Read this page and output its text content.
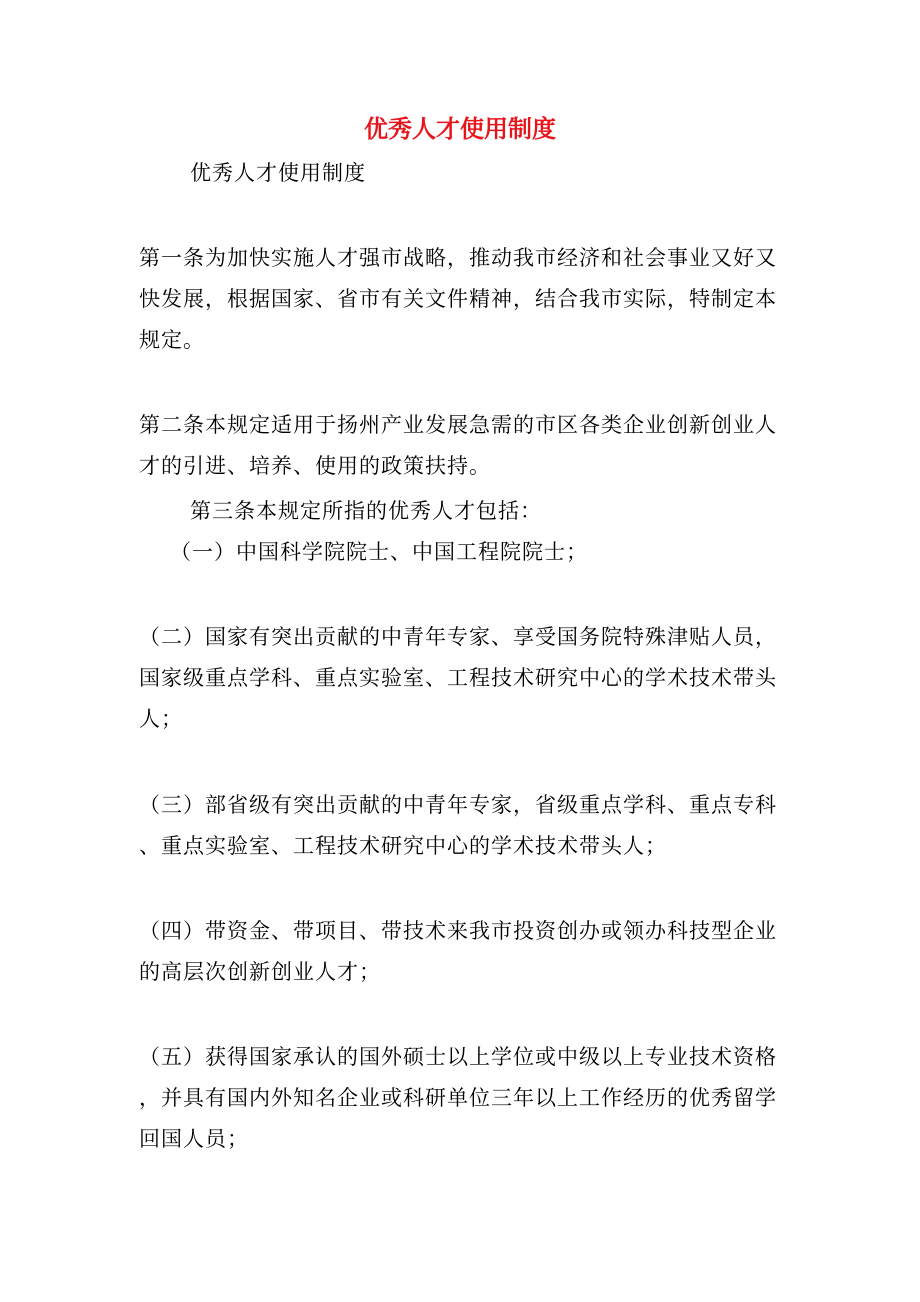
优秀人才使用制度
优秀人才使用制度
第一条为加快实施人才强市战略，推动我市经济和社会事业又好又
快发展，根据国家、省市有关文件精神，结合我市实际，特制定本
规定。
第二条本规定适用于扬州产业发展急需的市区各类企业创新创业人
才的引进、培养、使用的政策扶持。
第三条本规定所指的优秀人才包括：
（一）中国科学院院士、中国工程院院士；
（二）国家有突出贡献的中青年专家、享受国务院特殊津贴人员，
国家级重点学科、重点实验室、工程技术研究中心的学术技术带头
人；
（三）部省级有突出贡献的中青年专家，省级重点学科、重点专科
、重点实验室、工程技术研究中心的学术技术带头人；
（四）带资金、带项目、带技术来我市投资创办或领办科技型企业
的高层次创新创业人才；
（五）获得国家承认的国外硕士以上学位或中级以上专业技术资格
，并具有国内外知名企业或科研单位三年以上工作经历的优秀留学
回国人员；
